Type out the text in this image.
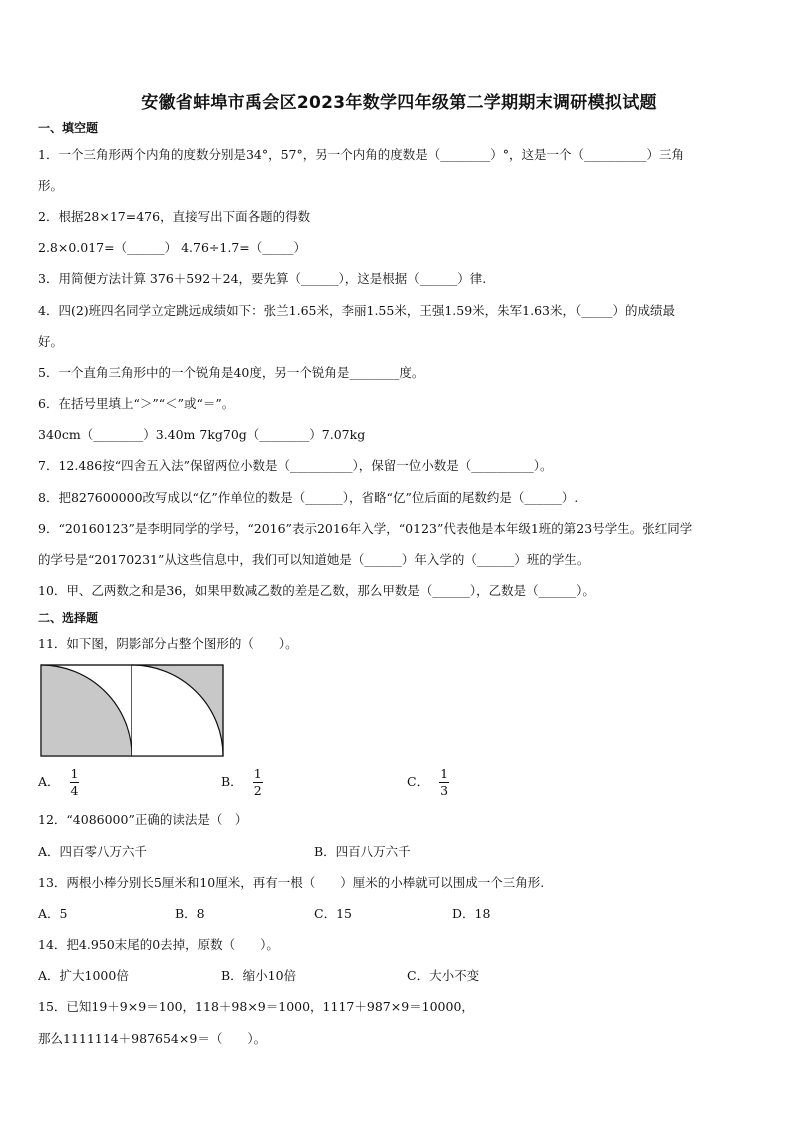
安徽省蚌埠市禹会区2023年数学四年级第二学期期末调研模拟试题
一、填空题
1．一个三角形两个内角的度数分别是34°，57°，另一个内角的度数是（________）°，这是一个（__________）三角
形。
2．根据28×17=476，直接写出下面各题的得数
2.8×0.017=（______） 4.76÷1.7=（_____）
3．用简便方法计算 376＋592＋24，要先算（______），这是根据（______）律.
4．四(2)班四名同学立定跳远成绩如下：张兰1.65米，李丽1.55米，王强1.59米，朱军1.63米，（_____）的成绩最
好。
5．一个直角三角形中的一个锐角是40度，另一个锐角是________度。
6．在括号里填上“＞”“＜”或“＝”。
340cm（________）3.40m 7kg70g（________）7.07kg
7．12.486按“四舍五入法”保留两位小数是（__________），保留一位小数是（__________）。
8．把827600000改写成以“亿”作单位的数是（______），省略“亿”位后面的尾数约是（______）.
9．“20160123”是李明同学的学号，“2016”表示2016年入学，“0123”代表他是本年级1班的第23号学生。张红同学
的学号是“20170231”从这些信息中，我们可以知道她是（______）年入学的（______）班的学生。
10．甲、乙两数之和是36，如果甲数减乙数的差是乙数，那么甲数是（______），乙数是（______）。
二、选择题
11．如下图，阴影部分占整个图形的（　　）。
A． $\frac{1}{4}$	B． $\frac{1}{2}$	C． $\frac{1}{3}$
12．“4086000”正确的读法是（　）
A．四百零八万六千	B．四百八万六千
13．两根小棒分别长5厘米和10厘米，再有一根（　　）厘米的小棒就可以围成一个三角形.
A．5	B．8	C．15	D．18
14．把4.950末尾的0去掉，原数（　　）。
A．扩大1000倍	B．缩小10倍	C．大小不变
15．已知19＋9×9＝100，118＋98×9＝1000，1117＋987×9＝10000，
那么1111114＋987654×9＝（　　）。
